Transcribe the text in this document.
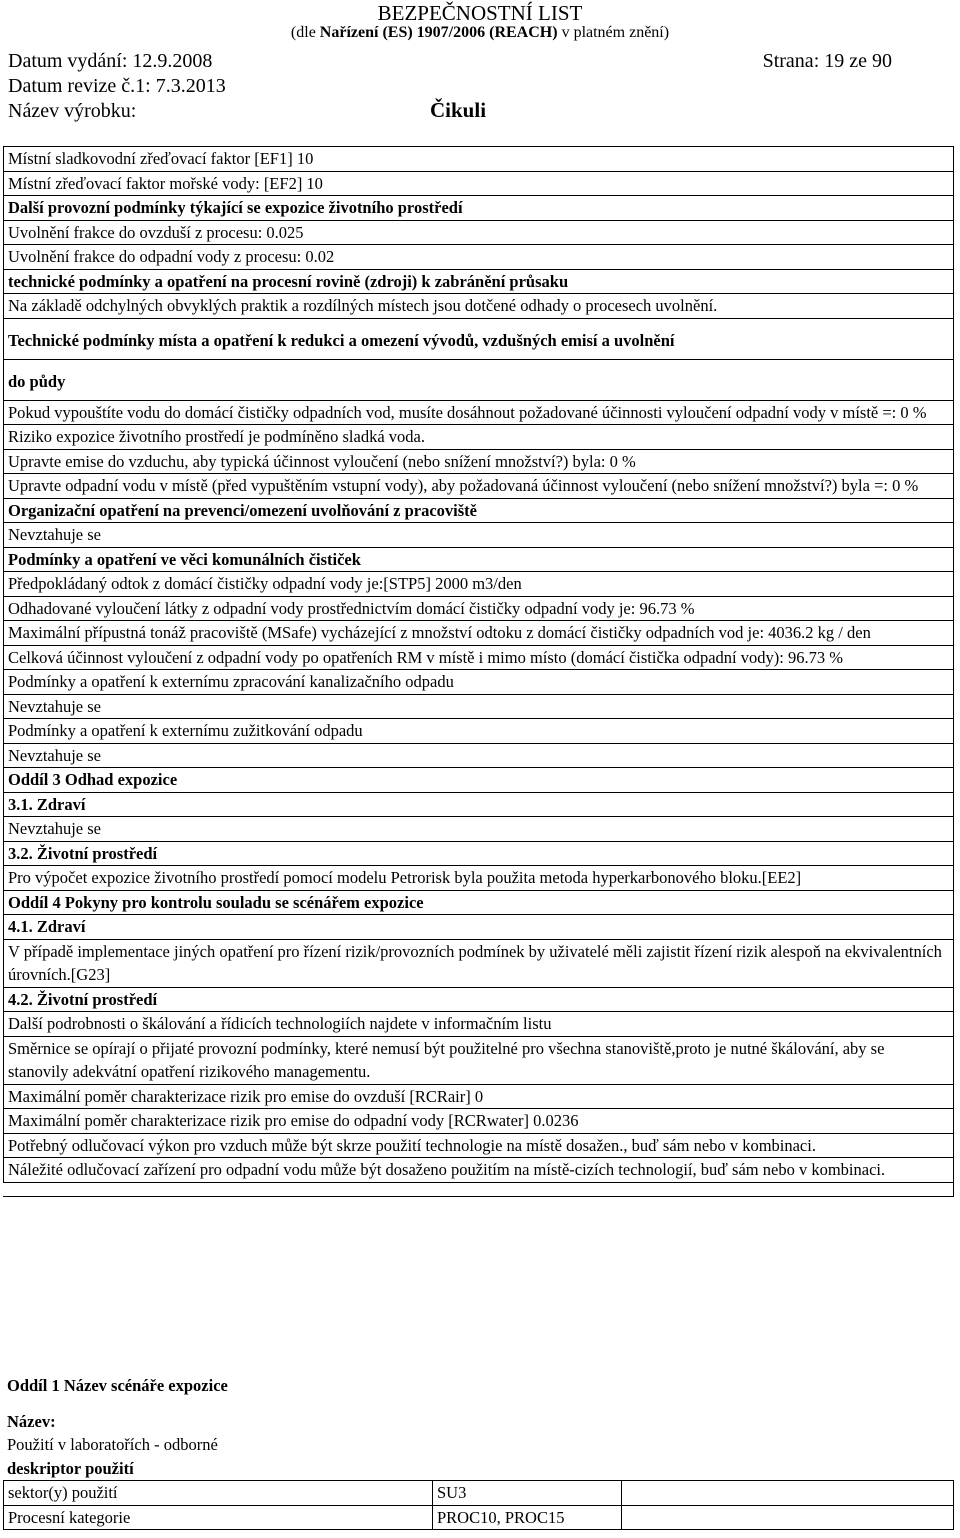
BEZPEČNOSTNÍ LIST
(dle Nařízení (ES) 1907/2006 (REACH) v platném znění)
Datum vydání: 12.9.2008	Strana: 19 ze 90
Datum revize č.1: 7.3.2013
Název výrobku:	Čikuli
Místní sladkovodní zřeďovací faktor [EF1] 10
Místní zřeďovací faktor mořské vody: [EF2] 10
Další provozní podmínky týkající se expozice životního prostředí
Uvolnění frakce do ovzduší z procesu: 0.025
Uvolnění frakce do odpadní vody z procesu: 0.02
technické podmínky a opatření na procesní rovině (zdroji) k zabránění průsaku
Na základě odchylných obvyklých praktik a rozdílných místech jsou dotčené odhady o procesech uvolnění.
Technické podmínky místa a opatření k redukci a omezení vývodů, vzdušných emisí a uvolnění
do půdy
Pokud vypouštíte vodu do domácí čističky odpadních vod, musíte dosáhnout požadované účinnosti vyloučení odpadní vody v místě =: 0 %
Riziko expozice životního prostředí je podmíněno sladká voda.
Upravte emise do vzduchu, aby typická účinnost vyloučení (nebo snížení množství?) byla: 0 %
Upravte odpadní vodu v místě (před vypuštěním vstupní vody), aby požadovaná účinnost vyloučení (nebo snížení množství?) byla =: 0 %
Organizační opatření na prevenci/omezení uvolňování z pracoviště
Nevztahuje se
Podmínky a opatření ve věci komunálních čističek
Předpokládaný odtok z domácí čističky odpadní vody je:[STP5] 2000 m3/den
Odhadované vyloučení látky z odpadní vody prostřednictvím domácí čističky odpadní vody je: 96.73 %
Maximální přípustná tonáž pracoviště (MSafe) vycházející z množství odtoku z domácí čističky odpadních vod je: 4036.2 kg / den
Celková účinnost vyloučení z odpadní vody po opatřeních RM v místě i mimo místo (domácí čistička odpadní vody): 96.73 %
Podmínky a opatření k externímu zpracování kanalizačního odpadu
Nevztahuje se
Podmínky a opatření k externímu zužitkování odpadu
Nevztahuje se
Oddíl 3 Odhad expozice
3.1. Zdraví
Nevztahuje se
3.2. Životní prostředí
Pro výpočet expozice životního prostředí pomocí modelu Petrorisk byla použita metoda hyperkarbonového bloku.[EE2]
Oddíl 4 Pokyny pro kontrolu souladu se scénářem expozice
4.1. Zdraví
V případě implementace jiných opatření pro řízení rizik/provozních podmínek by uživatelé měli zajistit řízení rizik alespoň na ekvivalentních úrovních.[G23]
4.2. Životní prostředí
Další podrobnosti o škálování a řídicích technologiích najdete v informačním listu
Směrnice se opírají o přijaté provozní podmínky, které nemusí být použitelné pro všechna stanoviště,proto je nutné škálování, aby se stanovily adekvátní opatření rizikového managementu.
Maximální poměr charakterizace rizik pro emise do ovzduší [RCRair] 0
Maximální poměr charakterizace rizik pro emise do odpadní vody [RCRwater] 0.0236
Potřebný odlučovací výkon pro vzduch může být skrze použití technologie na místě dosažen., buď sám nebo v kombinaci.
Náležité odlučovací zařízení pro odpadní vodu může být dosaženo použitím na místě-cizích technologií, buď sám nebo v kombinaci.
Oddíl 1 Název scénáře expozice
Název:
Použití v laboratořích - odborné
deskriptor použití
sektor(y) použití	SU3
Procesní kategorie	PROC10, PROC15
